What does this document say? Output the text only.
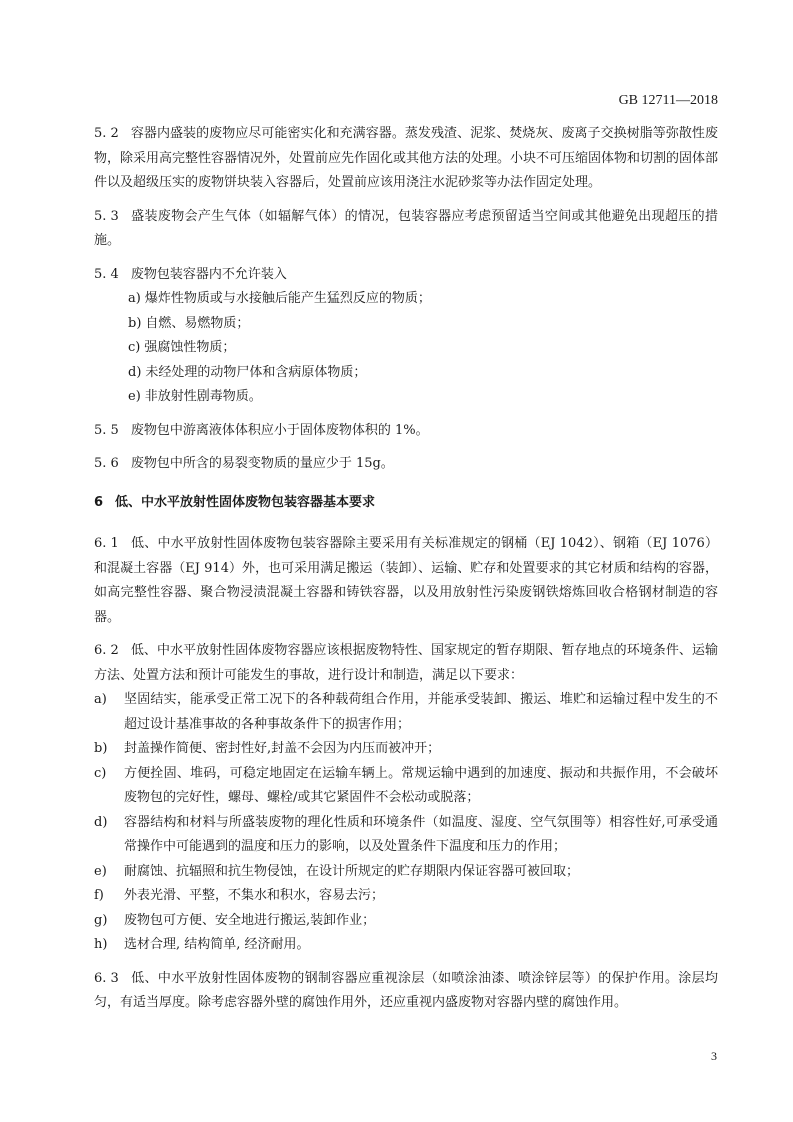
GB 12711—2018

5. 2 容器内盛装的废物应尽可能密实化和充满容器。蒸发残渣、泥浆、焚烧灰、废离子交换树脂等弥散性废物，除采用高完整性容器情况外，处置前应先作固化或其他方法的处理。小块不可压缩固体物和切割的固体部件以及超级压实的废物饼块装入容器后，处置前应该用浇注水泥砂浆等办法作固定处理。

5. 3 盛装废物会产生气体（如辐解气体）的情况，包装容器应考虑预留适当空间或其他避免出现超压的措施。

5. 4 废物包装容器内不允许装入

a) 爆炸性物质或与水接触后能产生猛烈反应的物质；

b) 自燃、易燃物质；

c) 强腐蚀性物质；

d) 未经处理的动物尸体和含病原体物质；

e) 非放射性剧毒物质。

5. 5 废物包中游离液体体积应小于固体废物体积的 1%。

5. 6 废物包中所含的易裂变物质的量应少于 15g。

6 低、中水平放射性固体废物包装容器基本要求

6. 1 低、中水平放射性固体废物包装容器除主要采用有关标准规定的钢桶（EJ 1042）、钢箱（EJ 1076）和混凝土容器（EJ 914）外，也可采用满足搬运（装卸）、运输、贮存和处置要求的其它材质和结构的容器，如高完整性容器、聚合物浸渍混凝土容器和铸铁容器，以及用放射性污染废钢铁熔炼回收合格钢材制造的容器。

6. 2 低、中水平放射性固体废物容器应该根据废物特性、国家规定的暂存期限、暂存地点的环境条件、运输方法、处置方法和预计可能发生的事故，进行设计和制造，满足以下要求：

a)	坚固结实，能承受正常工况下的各种载荷组合作用，并能承受装卸、搬运、堆贮和运输过程中发生的不超过设计基准事故的各种事故条件下的损害作用；
b)	封盖操作简便、密封性好,封盖不会因为内压而被冲开；
c)	方便拴固、堆码，可稳定地固定在运输车辆上。常规运输中遇到的加速度、振动和共振作用，不会破坏废物包的完好性，螺母、螺栓/或其它紧固件不会松动或脱落；
d)	容器结构和材料与所盛装废物的理化性质和环境条件（如温度、湿度、空气氛围等）相容性好,可承受通常操作中可能遇到的温度和压力的影响，以及处置条件下温度和压力的作用；
e)	耐腐蚀、抗辐照和抗生物侵蚀，在设计所规定的贮存期限内保证容器可被回取；
f)	外表光滑、平整，不集水和积水，容易去污；
g)	废物包可方便、安全地进行搬运,装卸作业；
h)	选材合理, 结构简单, 经济耐用。

6. 3 低、中水平放射性固体废物的钢制容器应重视涂层（如喷涂油漆、喷涂锌层等）的保护作用。涂层均匀，有适当厚度。除考虑容器外壁的腐蚀作用外，还应重视内盛废物对容器内壁的腐蚀作用。

3
